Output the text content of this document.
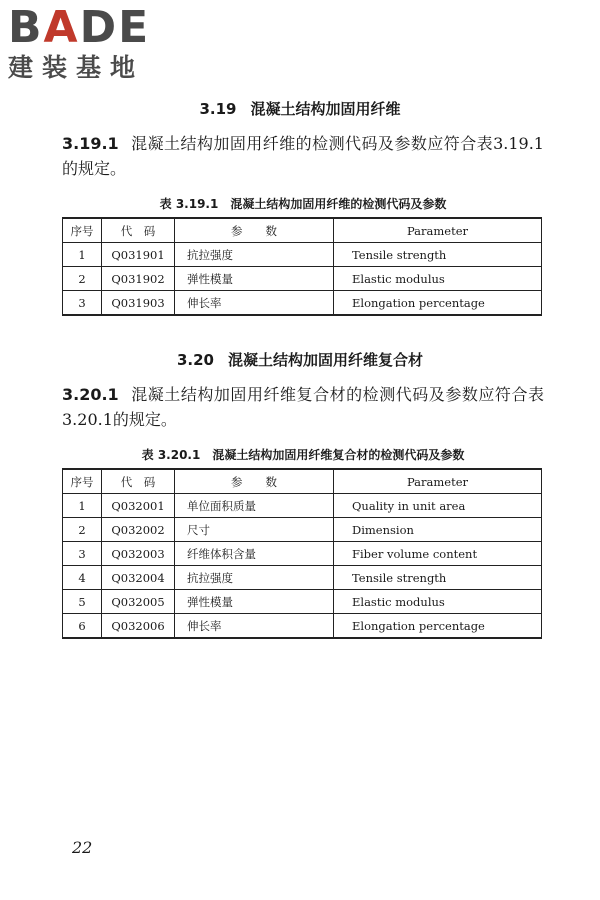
BADE
建装基地
3.19 混凝土结构加固用纤维
3.19.1 混凝土结构加固用纤维的检测代码及参数应符合表3.19.1的规定。
表 3.19.1 混凝土结构加固用纤维的检测代码及参数
序号	代　码	参　　数	Parameter
1	Q031901	抗拉强度	Tensile strength
2	Q031902	弹性模量	Elastic modulus
3	Q031903	伸长率	Elongation percentage
3.20 混凝土结构加固用纤维复合材
3.20.1 混凝土结构加固用纤维复合材的检测代码及参数应符合表3.20.1的规定。
表 3.20.1 混凝土结构加固用纤维复合材的检测代码及参数
序号	代　码	参　　数	Parameter
1	Q032001	单位面积质量	Quality in unit area
2	Q032002	尺寸	Dimension
3	Q032003	纤维体积含量	Fiber volume content
4	Q032004	抗拉强度	Tensile strength
5	Q032005	弹性模量	Elastic modulus
6	Q032006	伸长率	Elongation percentage
22
